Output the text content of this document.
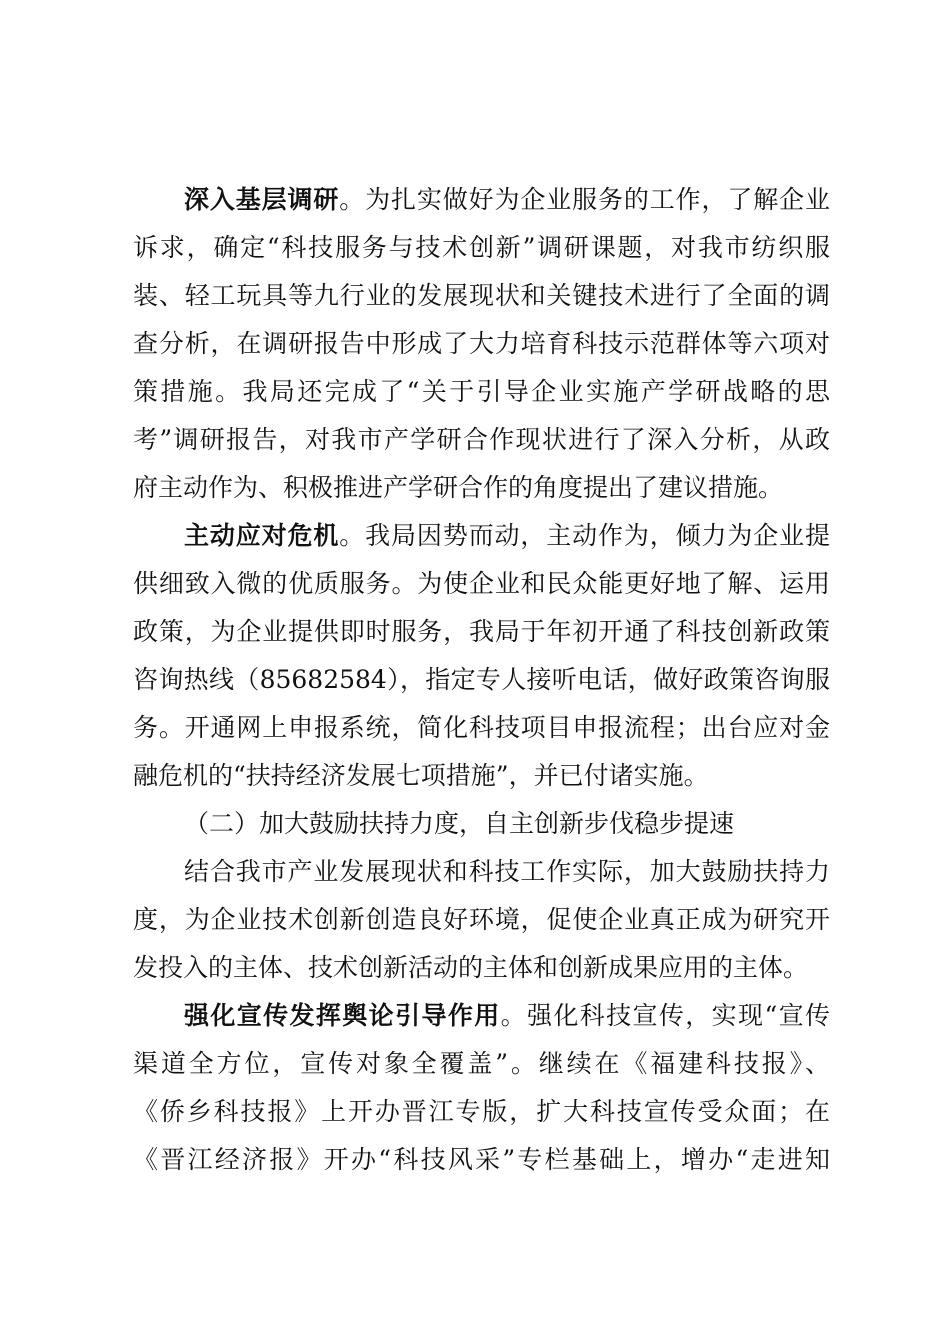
深入基层调研。为扎实做好为企业服务的工作，了解企业
诉求，确定“科技服务与技术创新”调研课题，对我市纺织服
装、轻工玩具等九行业的发展现状和关键技术进行了全面的调
查分析，在调研报告中形成了大力培育科技示范群体等六项对
策措施。我局还完成了“关于引导企业实施产学研战略的思
考”调研报告，对我市产学研合作现状进行了深入分析，从政
府主动作为、积极推进产学研合作的角度提出了建议措施。
主动应对危机。我局因势而动，主动作为，倾力为企业提
供细致入微的优质服务。为使企业和民众能更好地了解、运用
政策，为企业提供即时服务，我局于年初开通了科技创新政策
咨询热线（85682584），指定专人接听电话，做好政策咨询服
务。开通网上申报系统，简化科技项目申报流程；出台应对金
融危机的“扶持经济发展七项措施”，并已付诸实施。
（二）加大鼓励扶持力度，自主创新步伐稳步提速
结合我市产业发展现状和科技工作实际，加大鼓励扶持力
度，为企业技术创新创造良好环境，促使企业真正成为研究开
发投入的主体、技术创新活动的主体和创新成果应用的主体。
强化宣传发挥舆论引导作用。强化科技宣传，实现“宣传
渠道全方位，宣传对象全覆盖”。继续在《福建科技报》、
《侨乡科技报》上开办晋江专版，扩大科技宣传受众面；在
《晋江经济报》开办“科技风采”专栏基础上，增办“走进知
